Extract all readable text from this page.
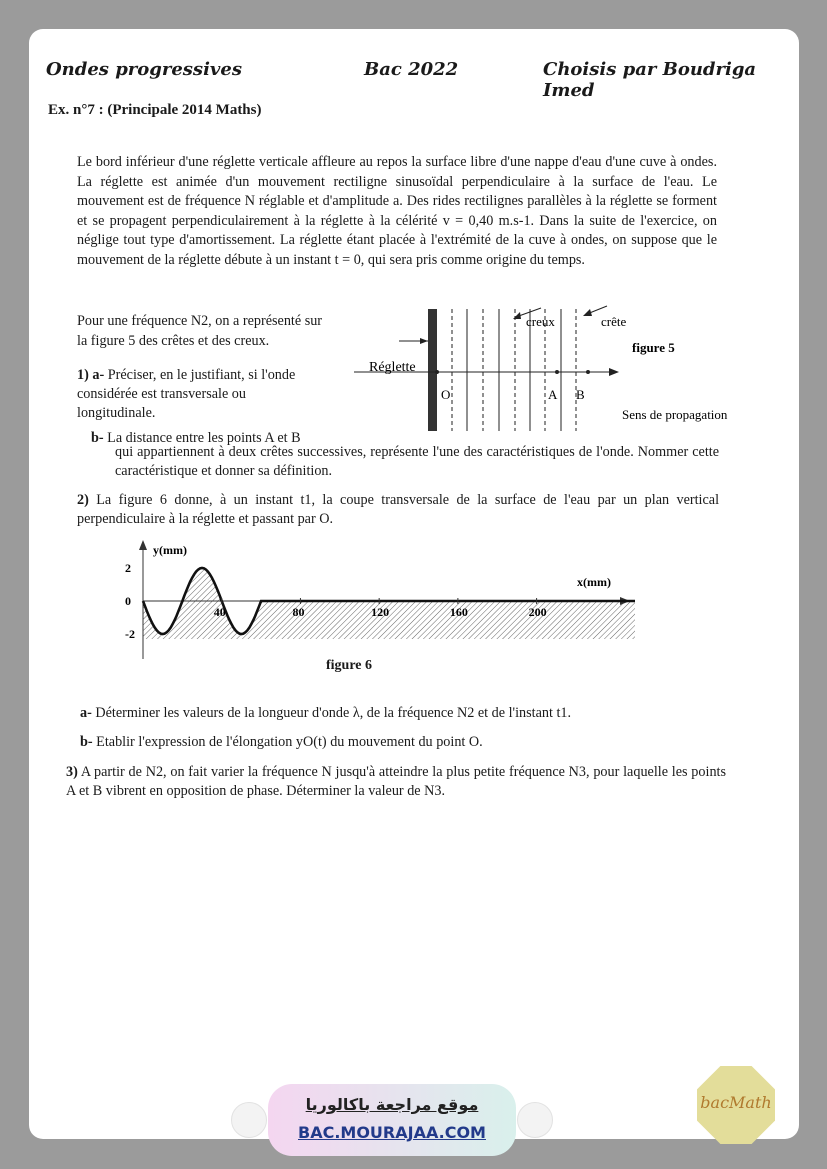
Ondes progressives	Bac 2022	Choisis par Boudriga Imed
Ex. n°7 : (Principale 2014 Maths)
Le bord inférieur d'une réglette verticale affleure au repos la surface libre d'une nappe d'eau d'une cuve à ondes. La réglette est animée d'un mouvement rectiligne sinusoïdal perpendiculaire à la surface de l'eau. Le mouvement est de fréquence N réglable et d'amplitude a. Des rides rectilignes parallèles à la réglette se forment et se propagent perpendiculairement à la réglette à la célérité v = 0,40 m.s-1. Dans la suite de l'exercice, on néglige tout type d'amortissement. La réglette étant placée à l'extrémité de la cuve à ondes, on suppose que le mouvement de la réglette débute à un instant t = 0, qui sera pris comme origine du temps.
Pour une fréquence N2, on a représenté sur la figure 5 des crêtes et des creux.
1) a- Préciser, en le justifiant, si l'onde considérée est transversale ou longitudinale.
b- La distance entre les points A et B
qui appartiennent à deux crêtes successives, représente l'une des caractéristiques de l'onde. Nommer cette caractéristique et donner sa définition.
2) La figure 6 donne, à un instant t1, la coupe transversale de la surface de l'eau par un plan vertical perpendiculaire à la réglette et passant par O.
Réglette
creux	crête
figure 5
Sens de propagation
O	A B
40	80	120	160	200
2
0
-2
y(mm)
x(mm)
figure 6
a- Déterminer les valeurs de la longueur d'onde λ, de la fréquence N2 et de l'instant t1.
b- Etablir l'expression de l'élongation yO(t) du mouvement du point O.
3) A partir de N2, on fait varier la fréquence N jusqu'à atteindre la plus petite fréquence N3, pour laquelle les points A et B vibrent en opposition de phase. Déterminer la valeur de N3.
موقع مراجعة باكالوريا
BAC.MOURAJAA.COM
bacMath
